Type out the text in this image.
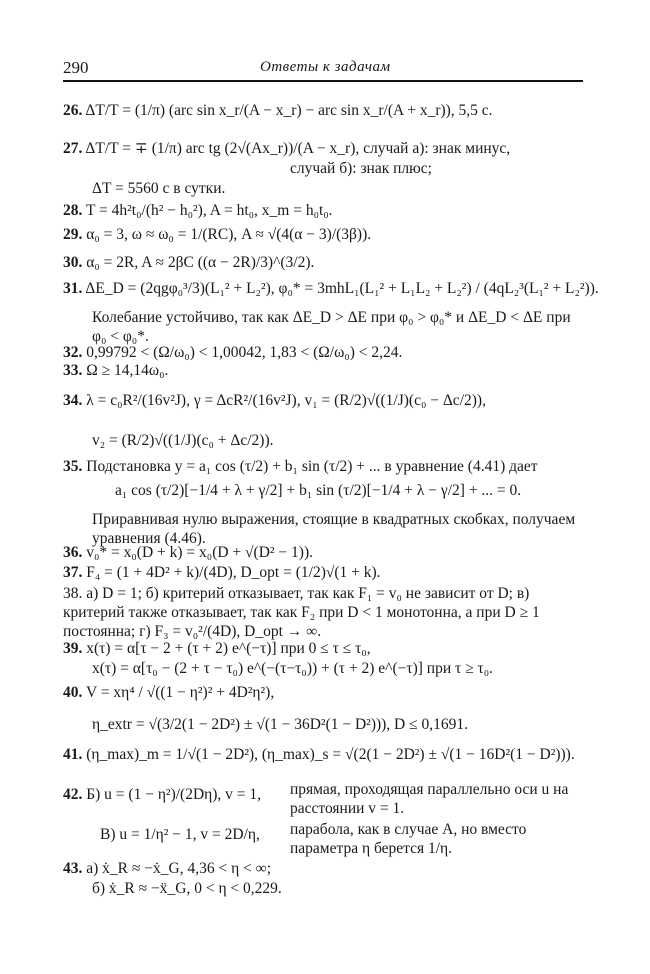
290	Ответы к задачам
26. ΔT/T = (1/π) (arc sin x_r/(A − x_r) − arc sin x_r/(A + x_r)), 5,5 c.
27. ΔT/T = ∓ (1/π) arc tg (2√(Ax_r))/(A − x_r), случай а): знак минус,
случай б): знак плюс;
ΔT = 5560 с в сутки.
28. T = 4h²t₀/(h² − h₀²), A = ht₀, x_m = h₀t₀.
29. α₀ = 3, ω ≈ ω₀ = 1/(RC), A ≈ √(4(α − 3)/(3β)).
30. α₀ = 2R, A ≈ 2βC ((α − 2R)/3)^(3/2).
31. ΔE_D = (2qgφ₀³/3)(L₁² + L₂²), φ₀* = 3mhL₁(L₁² + L₁L₂ + L₂²) / (4qL₂³(L₁² + L₂²)).
Колебание устойчиво, так как ΔE_D > ΔE при φ₀ > φ₀* и ΔE_D < ΔE при φ₀ < φ₀*.
32. 0,99792 < (Ω/ω₀) < 1,00042, 1,83 < (Ω/ω₀) < 2,24.
33. Ω ≥ 14,14ω₀.
34. λ = c₀R²/(16v²J), γ = ΔcR²/(16v²J), v₁ = (R/2)√((1/J)(c₀ − Δc/2)),
v₂ = (R/2)√((1/J)(c₀ + Δc/2)).
35. Подстановка y = a₁ cos (τ/2) + b₁ sin (τ/2) + ... в уравнение (4.41) дает
a₁ cos (τ/2)[−1/4 + λ + γ/2] + b₁ sin (τ/2)[−1/4 + λ − γ/2] + ... = 0.
Приравнивая нулю выражения, стоящие в квадратных скобках, получаем уравнения (4.46).
36. v₀* = x₀(D + k) = x₀(D + √(D² − 1)).
37. F₄ = (1 + 4D² + k)/(4D), D_opt = (1/2)√(1 + k).
38. а) D = 1; б) критерий отказывает, так как F₁ = v₀ не зависит от D; в) критерий также отказывает, так как F₂ при D < 1 монотонна, а при D ≥ 1 постоянна; г) F₃ = v₀²/(4D), D_opt → ∞.
39. x(τ) = α[τ − 2 + (τ + 2) e^(−τ)] при 0 ≤ τ ≤ τ₀,
x(τ) = α[τ₀ − (2 + τ − τ₀) e^(−(τ−τ₀)) + (τ + 2) e^(−τ)] при τ ≥ τ₀.
40. V = xη⁴ / √((1 − η²)² + 4D²η²),
η_extr = √(3/2(1 − 2D²) ± √(1 − 36D²(1 − D²))), D ≤ 0,1691.
41. (η_max)_m = 1/√(1 − 2D²), (η_max)_s = √(2(1 − 2D²) ± √(1 − 16D²(1 − D²))).
42. Б) u = (1 − η²)/(2Dη), v = 1, прямая, проходящая параллельно оси u на расстоянии v = 1.
В) u = 1/η² − 1, v = 2D/η, парабола, как в случае А, но вместо параметра η берется 1/η.
43. а) ẋ_R ≈ −ẋ_G, 4,36 < η < ∞;
б) ẋ_R ≈ −ẍ_G, 0 < η < 0,229.
